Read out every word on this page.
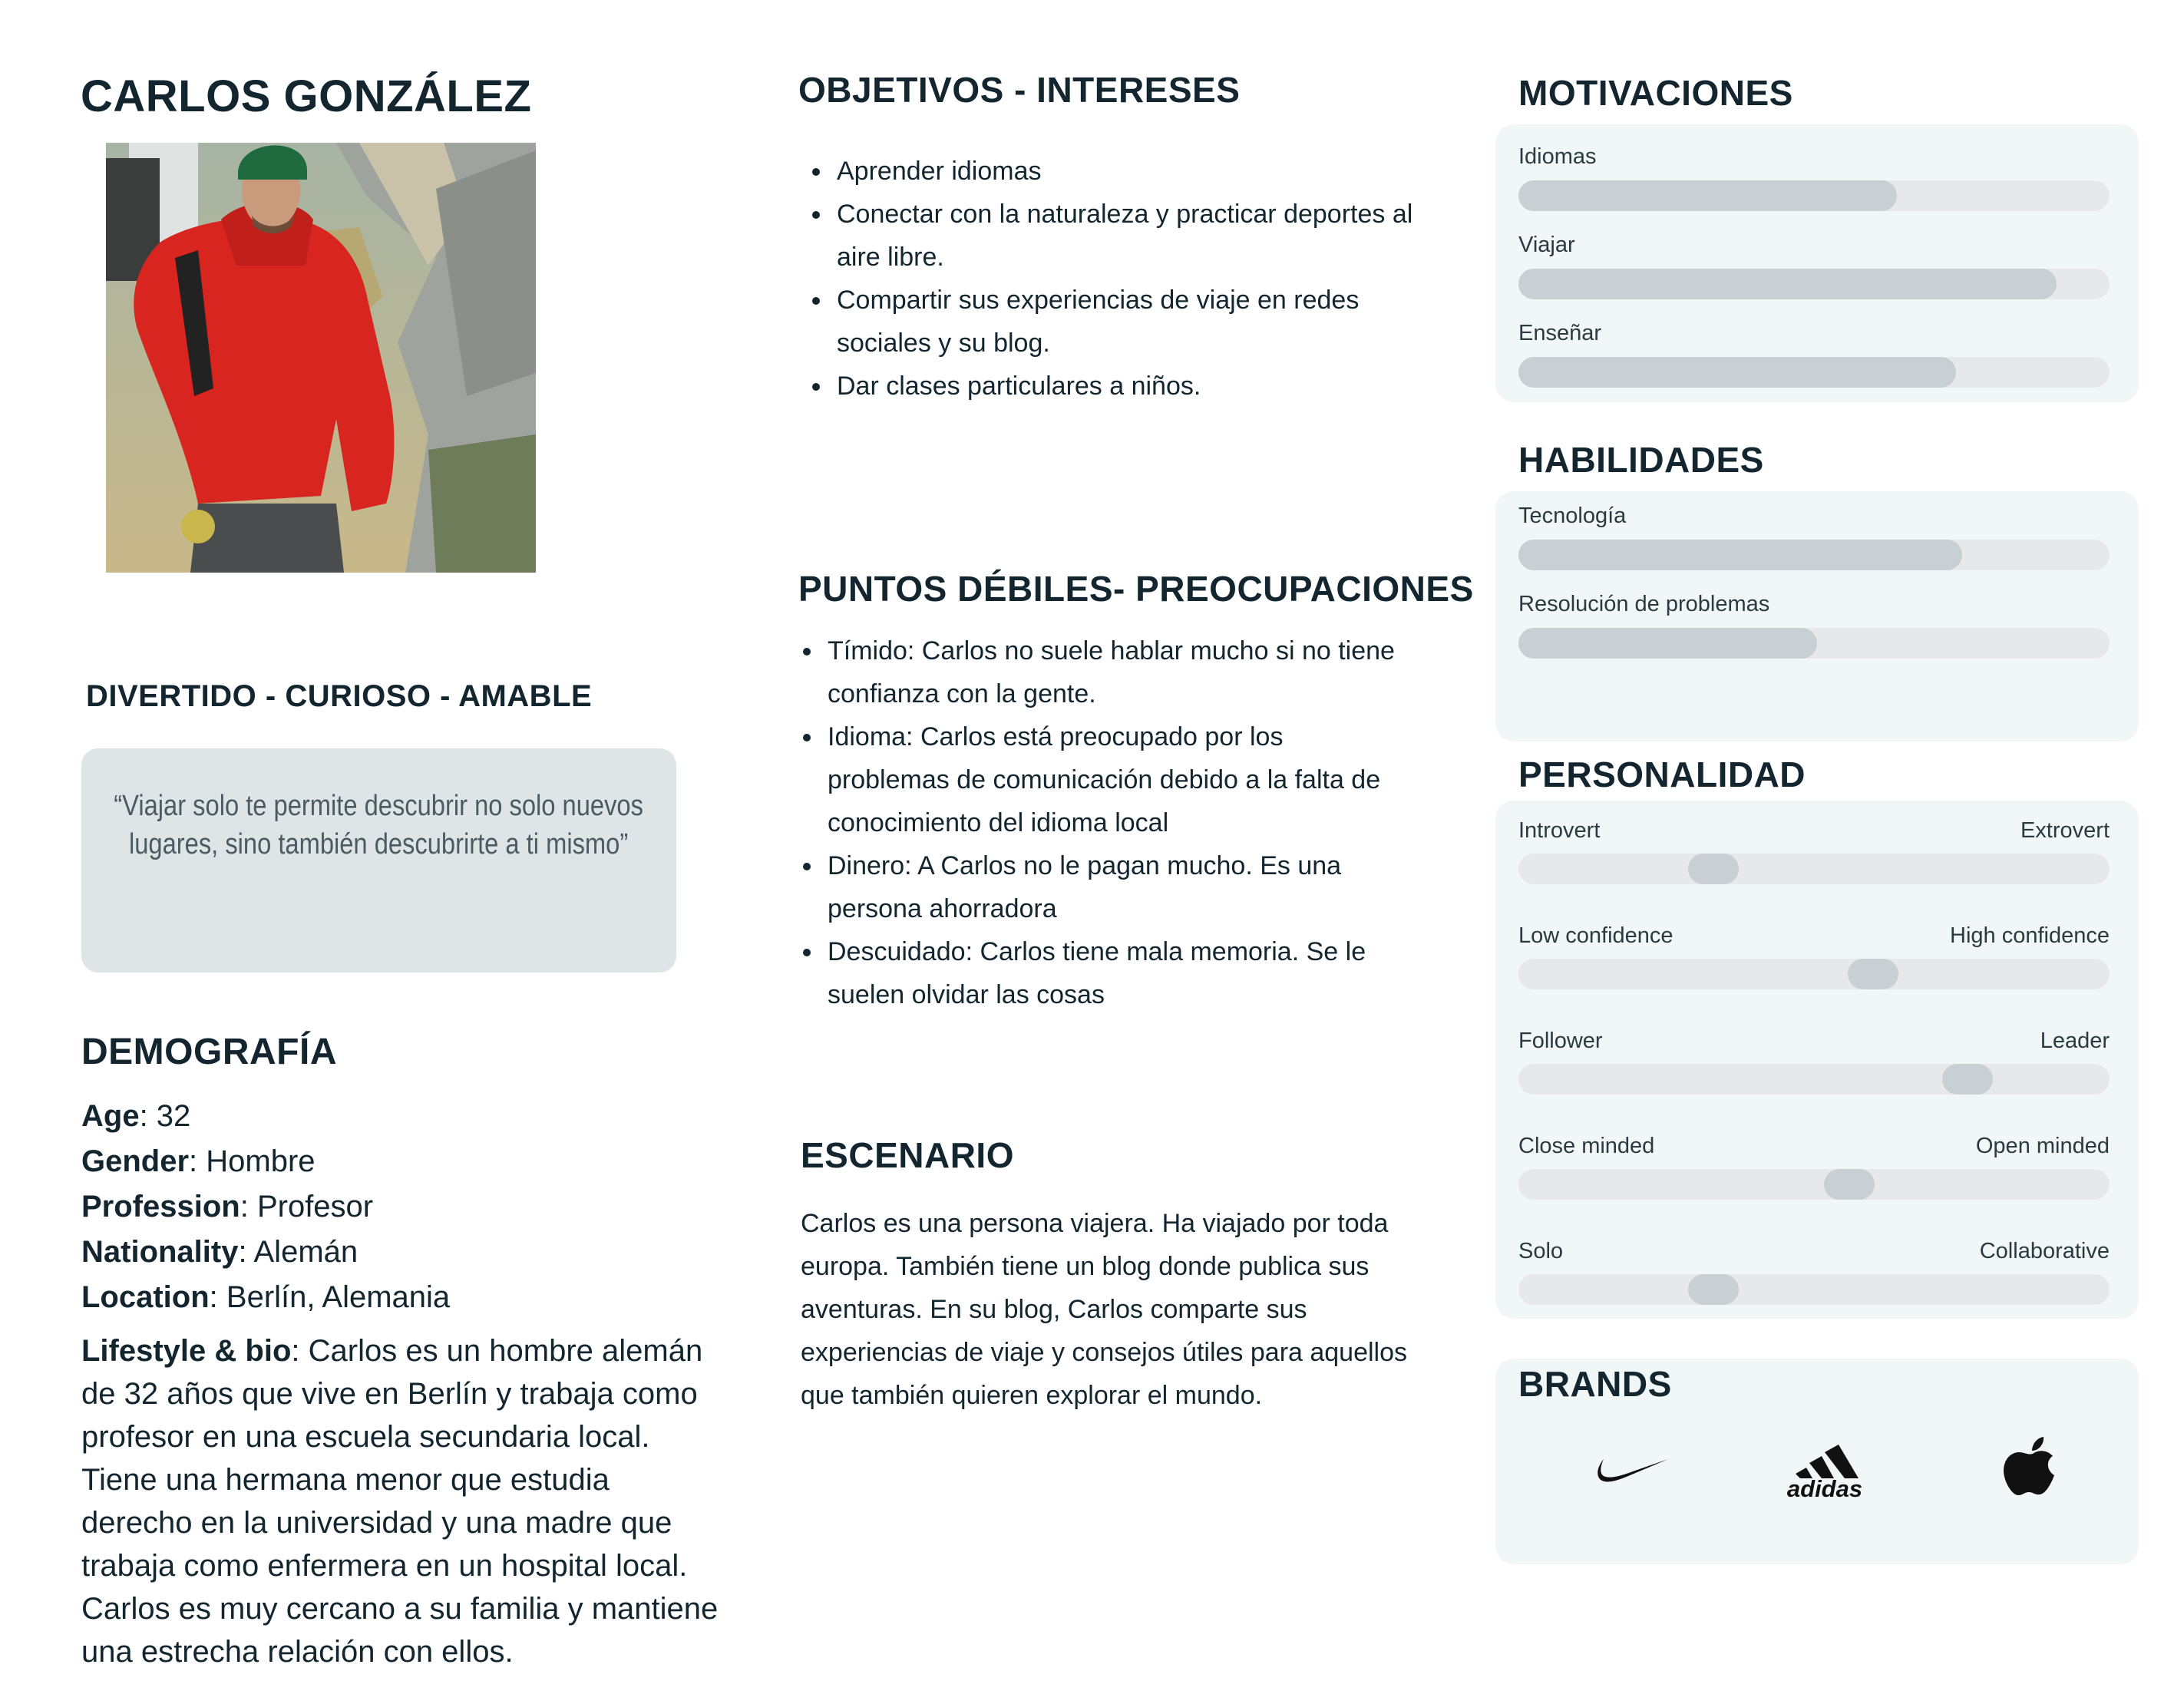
CARLOS GONZÁLEZ
DIVERTIDO - CURIOSO - AMABLE
“Viajar solo te permite descubrir no solo nuevos lugares, sino también descubrirte a ti mismo”
DEMOGRAFÍA
Age: 32
Gender: Hombre
Profession: Profesor
Nationality: Alemán
Location: Berlín, Alemania
Lifestyle & bio: Carlos es un hombre alemán de 32 años que vive en Berlín y trabaja como profesor en una escuela secundaria local. Tiene una hermana menor que estudia derecho en la universidad y una madre que trabaja como enfermera en un hospital local. Carlos es muy cercano a su familia y mantiene una estrecha relación con ellos.
OBJETIVOS - INTERESES
Aprender idiomas
Conectar con la naturaleza y practicar deportes al aire libre.
Compartir sus experiencias de viaje en redes sociales y su blog.
Dar clases particulares a niños.
PUNTOS DÉBILES- PREOCUPACIONES
Tímido: Carlos no suele hablar mucho si no tiene confianza con la gente.
Idioma: Carlos está preocupado por los problemas de comunicación debido a la falta de conocimiento del idioma local
Dinero: A Carlos no le pagan mucho. Es una persona ahorradora
Descuidado: Carlos tiene mala memoria. Se le suelen olvidar las cosas
ESCENARIO
Carlos es una persona viajera. Ha viajado por toda europa. También tiene un blog donde publica sus aventuras. En su blog, Carlos comparte sus experiencias de viaje y consejos útiles para aquellos que también quieren explorar el mundo.
MOTIVACIONES
Idiomas
Viajar
Enseñar
HABILIDADES
Tecnología
Resolución de problemas
PERSONALIDAD
Introvert	Extrovert
Low confidence	High confidence
Follower	Leader
Close minded	Open minded
Solo	Collaborative
BRANDS
adidas
